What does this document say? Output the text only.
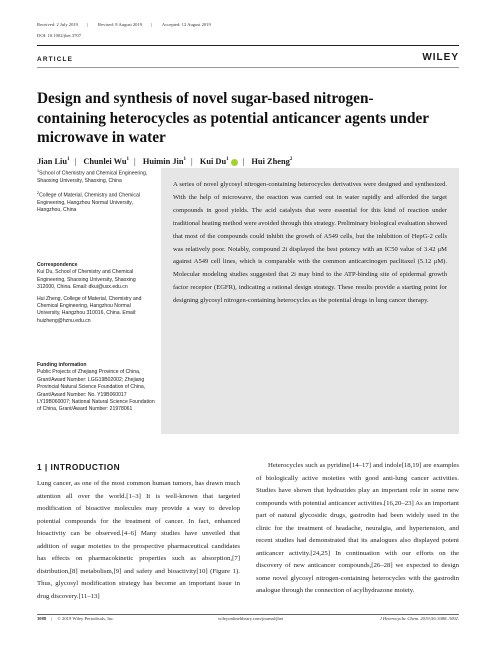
Received: 2 July 2019 | Revised: 8 August 2019 | Accepted: 12 August 2019
DOI: 10.1002/jhet.3707
ARTICLE	WILEY
Design and synthesis of novel sugar-based nitrogen-containing heterocycles as potential anticancer agents under microwave in water
Jian Liu$^1$ | Chunlei Wu$^1$ | Huimin Jin$^1$ | Kui Du$^1$ | Hui Zheng$^2$

$^1$School of Chemistry and Chemical Engineering, Shaoxing University, Shaoxing, China

$^2$College of Material, Chemistry and Chemical Engineering, Hangzhou Normal University, Hangzhou, China

Correspondence

Kui Du, School of Chemistry and Chemical Engineering, Shaoxing University, Shaoxing 312000, China. Email: dkui@usx.edu.cn

Hui Zheng, College of Material, Chemistry and Chemical Engineering, Hangzhou Normal University, Hangzhou 310016, China. Email: huizheng@hznu.edu.cn

Funding information

Public Projects of Zhejiang Province of China, Grant/Award Number: LGG19B02002; Zhejiang Provincial Natural Science Foundation of China, Grant/Award Number: No. Y19B060017 LY19B060007; National Natural Science Foundation of China, Grant/Award Number: 21978061

A series of novel glycosyl nitrogen-containing heterocycles derivatives were designed and synthesized. With the help of microwave, the reaction was carried out in water rapidly and afforded the target compounds in good yields. The acid catalysts that were essential for this kind of reaction under traditional heating method were avoided through this strategy. Preliminary biological evaluation showed that most of the compounds could inhibit the growth of A549 cells, but the inhibition of HepG-2 cells was relatively poor. Notably, compound 2i displayed the best potency with an IC50 value of 3.42 μM against A549 cell lines, which is comparable with the common anticarcinogen paclitaxel (5.12 μM). Molecular modeling studies suggested that 2i may bind to the ATP-binding site of epidermal growth factor receptor (EGFR), indicating a rational design strategy. These results provide a starting point for designing glycosyl nitrogen-containing heterocycles as the potential drugs in lung cancer therapy.

1 | INTRODUCTION
Lung cancer, as one of the most common human tumors, has drawn much attention all over the world.[1–3] It is well-known that targeted modification of bioactive molecules may provide a way to develop potential compounds for the treatment of cancer. In fact, enhanced bioactivity can be observed.[4–6] Many studies have unveiled that addition of sugar moieties to the prospective pharmaceutical candidates has effects on pharmacokinetic properties such as absorption,[7] distribution,[8] metabolism,[9] and safety and bioactivity[10] (Figure 1). Thus, glycosyl modification strategy has become an important issue in drug discovery.[11–13]
Heterocycles such as pyridine[14–17] and indole[18,19] are examples of biologically active moieties with good anti-lung cancer activities. Studies have shown that hydrazides play an important role in some new compounds with potential anticancer activities.[16,20–23] As an important part of natural glycosidic drugs, gastrodin had been widely used in the clinic for the treatment of headache, neuralgia, and hypertension, and recent studies had demonstrated that its analogues also displayed potent anticancer activity.[24,25] In continuation with our efforts on the discovery of new anticancer compounds,[26–28] we expected to design some novel glycosyl nitrogen-containing heterocycles with the gastrodin analogue through the connection of acylhydrazone moiety.
3088 | © 2019 Wiley Periodicals, Inc.	wileyonlinelibrary.com/journal/jhet	J Heterocyclic Chem. 2019;56:3088–3092.
